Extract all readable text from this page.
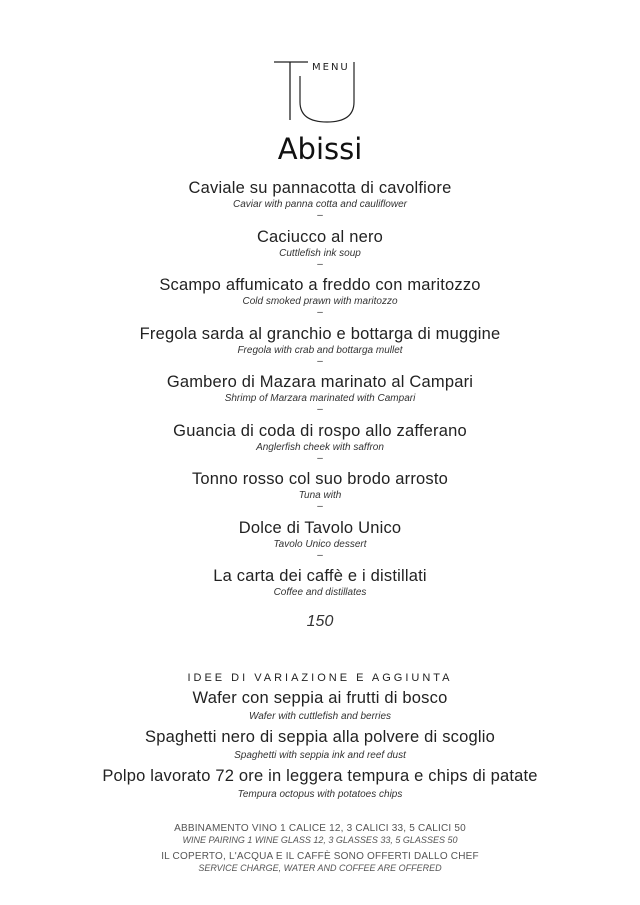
MENU
Abissi
Caviale su pannacotta di cavolfiore
Caviar with panna cotta and cauliflower
–
Caciucco al nero
Cuttlefish ink soup
–
Scampo affumicato a freddo con maritozzo
Cold smoked prawn with maritozzo
–
Fregola sarda al granchio e bottarga di muggine
Fregola with crab and bottarga mullet
–
Gambero di Mazara marinato al Campari
Shrimp of Marzara marinated with Campari
–
Guancia di coda di rospo allo zafferano
Anglerfish cheek with saffron
–
Tonno rosso col suo brodo arrosto
Tuna with
–
Dolce di Tavolo Unico
Tavolo Unico dessert
–
La carta dei caffè e i distillati
Coffee and distillates
150
IDEE DI VARIAZIONE E AGGIUNTA
Wafer con seppia ai frutti di bosco
Wafer with cuttlefish and berries
Spaghetti nero di seppia alla polvere di scoglio
Spaghetti with seppia ink and reef dust
Polpo lavorato 72 ore in leggera tempura e chips di patate
Tempura octopus with potatoes chips
ABBINAMENTO VINO 1 CALICE 12, 3 CALICI 33, 5 CALICI 50
WINE PAIRING 1 WINE GLASS 12, 3 GLASSES 33, 5 GLASSES 50
IL COPERTO, L'ACQUA E IL CAFFÈ SONO OFFERTI DALLO CHEF
SERVICE CHARGE, WATER AND COFFEE ARE OFFERED
